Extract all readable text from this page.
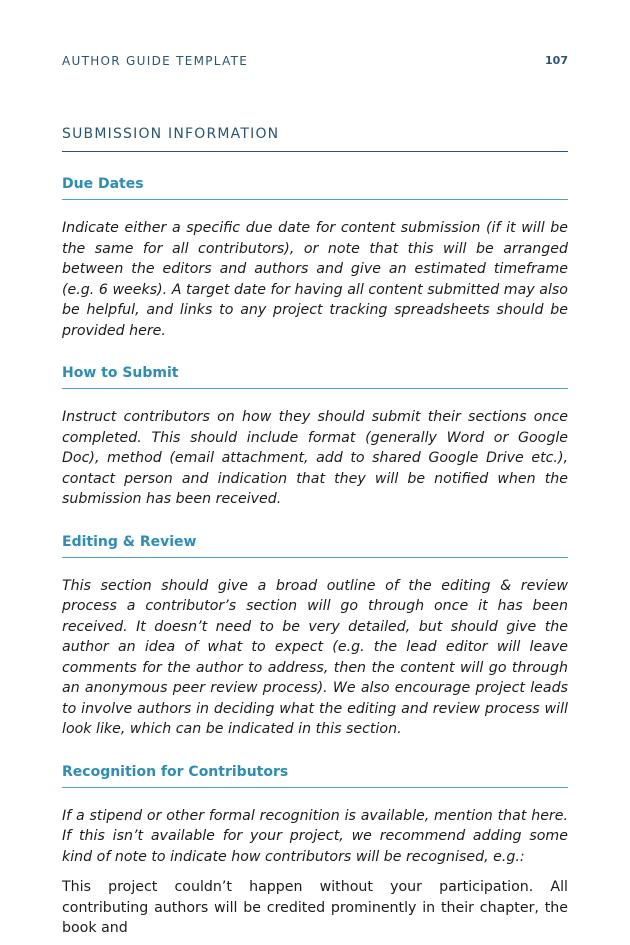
AUTHOR GUIDE TEMPLATE	107
SUBMISSION INFORMATION
Due Dates
Indicate either a specific due date for content submission (if it will be the same for all contributors), or note that this will be arranged between the editors and authors and give an estimated timeframe (e.g. 6 weeks). A target date for having all content submitted may also be helpful, and links to any project tracking spreadsheets should be provided here.
How to Submit
Instruct contributors on how they should submit their sections once completed. This should include format (generally Word or Google Doc), method (email attachment, add to shared Google Drive etc.), contact person and indication that they will be notified when the submission has been received.
Editing & Review
This section should give a broad outline of the editing & review process a contributor’s section will go through once it has been received. It doesn’t need to be very detailed, but should give the author an idea of what to expect (e.g. the lead editor will leave comments for the author to address, then the content will go through an anonymous peer review process). We also encourage project leads to involve authors in deciding what the editing and review process will look like, which can be indicated in this section.
Recognition for Contributors
If a stipend or other formal recognition is available, mention that here. If this isn’t available for your project, we recommend adding some kind of note to indicate how contributors will be recognised, e.g.:
This project couldn’t happen without your participation. All contributing authors will be credited prominently in their chapter, the book and
